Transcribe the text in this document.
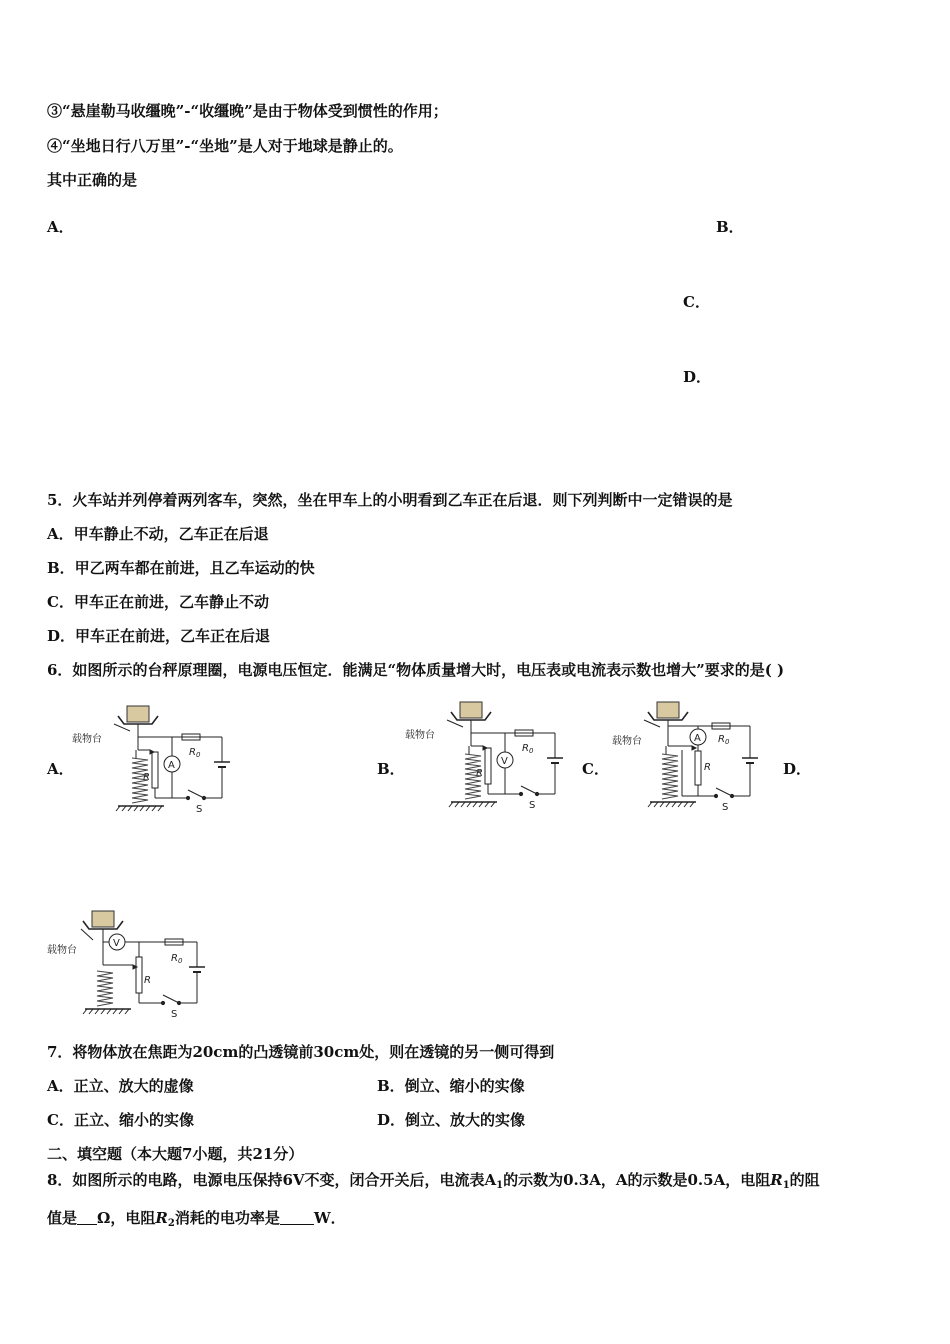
③“悬崖勒马收缰晚”-“收缰晚”是由于物体受到惯性的作用；
④“坐地日行八万里”-“坐地”是人对于地球是静止的。
其中正确的是
A．	B．
C．
D．
5．火车站并列停着两列客车，突然，坐在甲车上的小明看到乙车正在后退．则下列判断中一定错误的是
A．甲车静止不动，乙车正在后退
B．甲乙两车都在前进，且乙车运动的快
C．甲车正在前进，乙车静止不动
D．甲车正在前进，乙车正在后退
6．如图所示的台秤原理圈，电源电压恒定．能满足“物体质量增大时，电压表或电流表示数也增大”要求的是( )
A．	B．	C．	D．
载物台
$R_0$
S
R
A
载物台
$R_0$
S
R
V
载物台	$R_0$
S
A
R
载物台
V
$R_0$
S
R
7．将物体放在焦距为20cm的凸透镜前30cm处，则在透镜的另一侧可得到
A．正立、放大的虚像	B．倒立、缩小的实像
C．正立、缩小的实像	D．倒立、放大的实像
二、填空题（本大题7小题，共21分）
8．如图所示的电路，电源电压保持6V不变，闭合开关后，电流表$A_1$的示数为0.3A，A的示数是0.5A，电阻$R_1$的阻
值是 Ω，电阻$R_2$消耗的电功率是 W．
